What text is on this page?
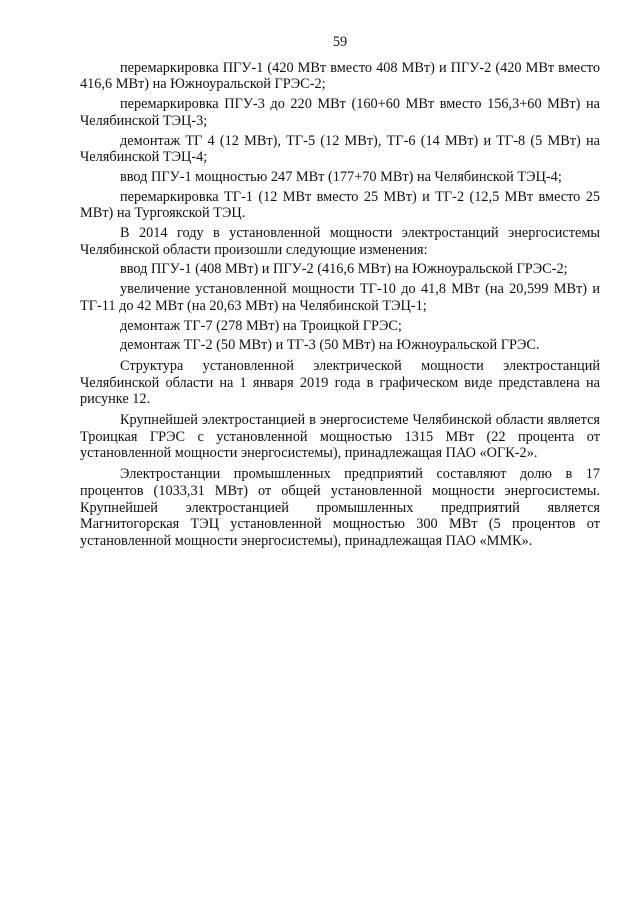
59

перемаркировка ПГУ-1 (420 МВт вместо 408 МВт) и ПГУ-2 (420 МВт вместо 416,6 МВт) на Южноуральской ГРЭС-2;

перемаркировка ПГУ-3 до 220 МВт (160+60 МВт вместо 156,3+60 МВт) на Челябинской ТЭЦ-3;

демонтаж ТГ 4 (12 МВт), ТГ-5 (12 МВт), ТГ-6 (14 МВт) и ТГ-8 (5 МВт) на Челябинской ТЭЦ-4;

ввод ПГУ-1 мощностью 247 МВт (177+70 МВт) на Челябинской ТЭЦ-4;

перемаркировка ТГ-1 (12 МВт вместо 25 МВт) и ТГ-2 (12,5 МВт вместо 25 МВт) на Тургоякской ТЭЦ.

В 2014 году в установленной мощности электростанций энергосистемы Челябинской области произошли следующие изменения:

ввод ПГУ-1 (408 МВт) и ПГУ-2 (416,6 МВт) на Южноуральской ГРЭС-2;

увеличение установленной мощности ТГ-10 до 41,8 МВт (на 20,599 МВт) и ТГ-11 до 42 МВт (на 20,63 МВт) на Челябинской ТЭЦ-1;

демонтаж ТГ-7 (278 МВт) на Троицкой ГРЭС;

демонтаж ТГ-2 (50 МВт) и ТГ-3 (50 МВт) на Южноуральской ГРЭС.

Структура установленной электрической мощности электростанций Челябинской области на 1 января 2019 года в графическом виде представлена на рисунке 12.

Крупнейшей электростанцией в энергосистеме Челябинской области является Троицкая ГРЭС с установленной мощностью 1315 МВт (22 процента от установленной мощности энергосистемы), принадлежащая ПАО «ОГК-2».

Электростанции промышленных предприятий составляют долю в 17 процентов (1033,31 МВт) от общей установленной мощности энергосистемы. Крупнейшей электростанцией промышленных предприятий является Магнитогорская ТЭЦ установленной мощностью 300 МВт (5 процентов от установленной мощности энергосистемы), принадлежащая ПАО «ММК».
